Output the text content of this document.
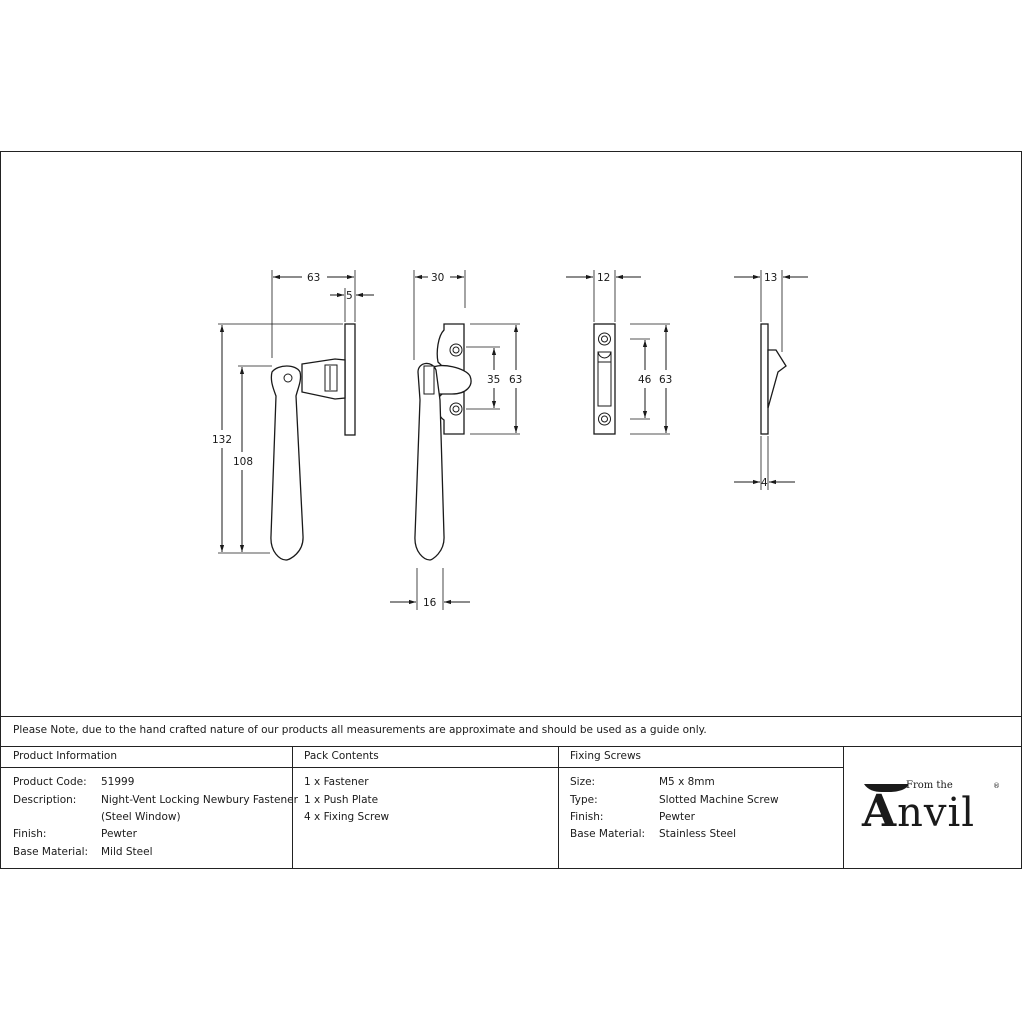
63
5
132
108
30
35 63
16
12
46 63
13
4
Please Note, due to the hand crafted nature of our products all measurements are approximate and should be used as a guide only.
Product Information
Product Code: 51999
Description: Night-Vent Locking Newbury Fastener
(Steel Window)
Finish:	Pewter
Base Material: Mild Steel
Pack Contents
1 x Fastener
1 x Push Plate
4 x Fixing Screw
Fixing Screws
Size:	M5 x 8mm
Type:	Slotted Machine Screw
Finish:	Pewter
Base Material: Stainless Steel
From the
Anvil
®
